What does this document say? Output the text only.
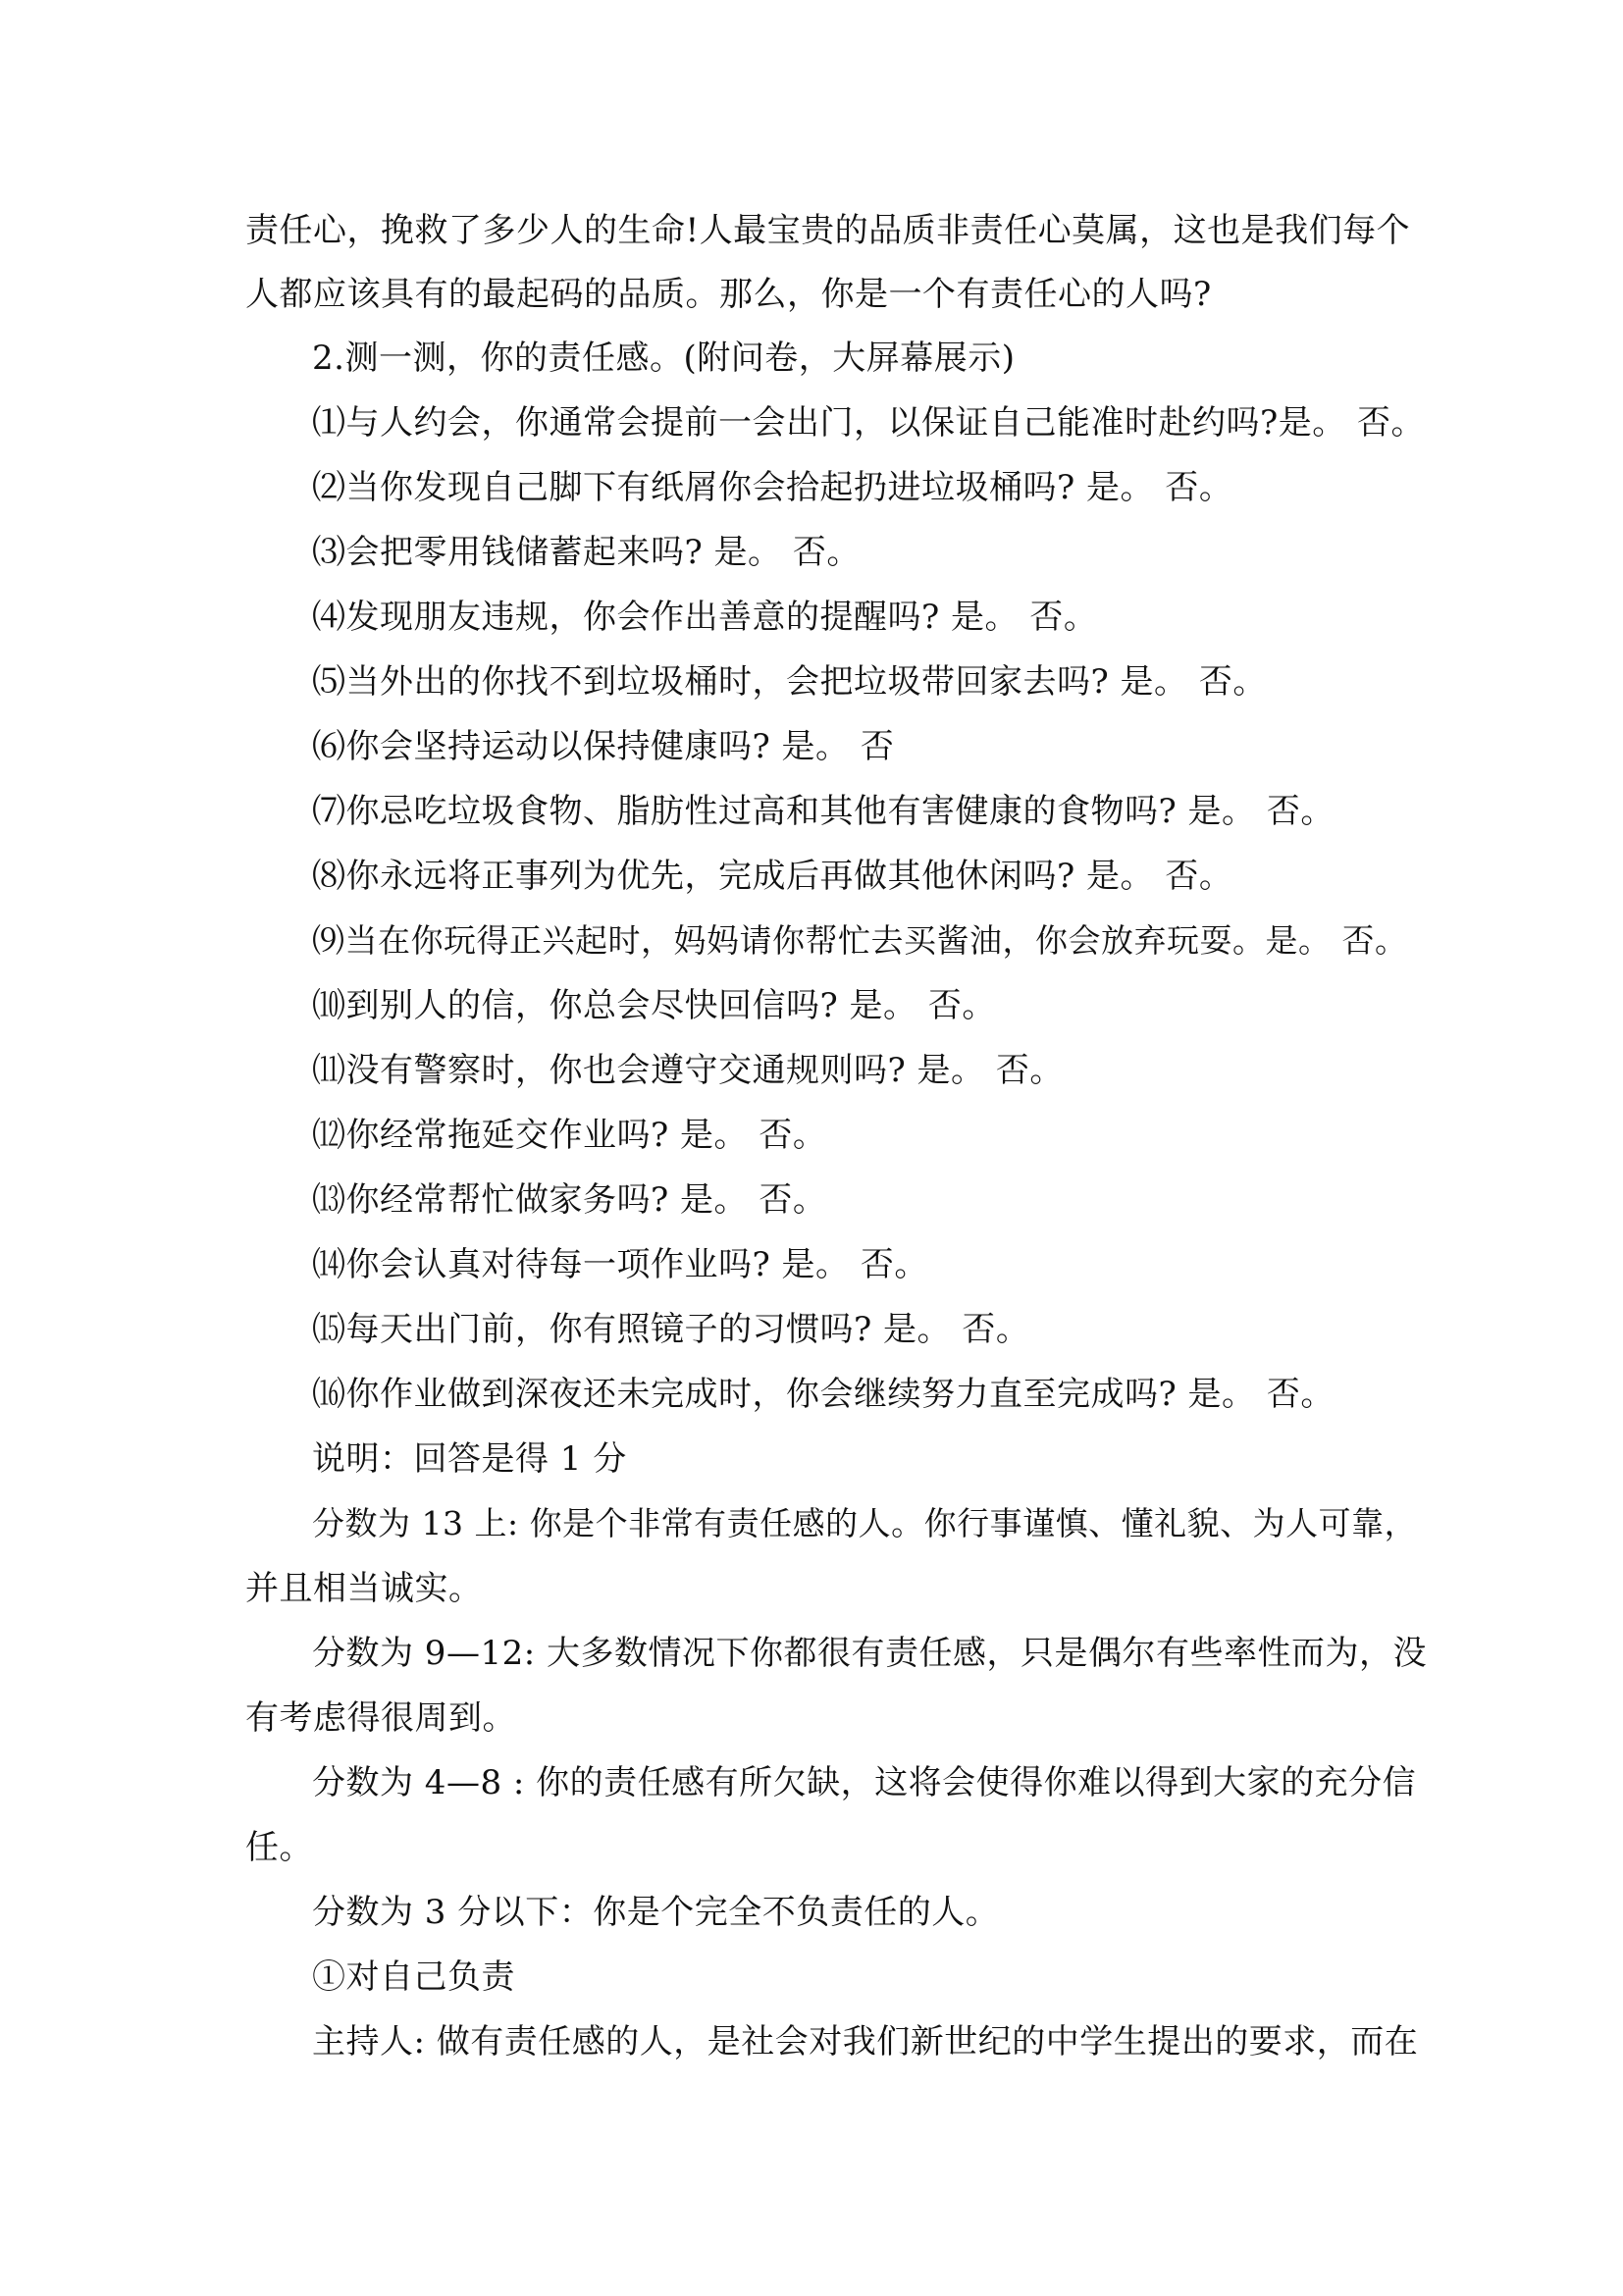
责任心，挽救了多少人的生命!人最宝贵的品质非责任心莫属，这也是我们每个
人都应该具有的最起码的品质。那么，你是一个有责任心的人吗?
2.测一测，你的责任感。(附问卷，大屏幕展示)
⑴与人约会，你通常会提前一会出门，以保证自己能准时赴约吗?是。 否。
⑵当你发现自己脚下有纸屑你会拾起扔进垃圾桶吗? 是。 否。
⑶会把零用钱储蓄起来吗? 是。 否。
⑷发现朋友违规，你会作出善意的提醒吗? 是。 否。
⑸当外出的你找不到垃圾桶时，会把垃圾带回家去吗? 是。 否。
⑹你会坚持运动以保持健康吗? 是。 否
⑺你忌吃垃圾食物、脂肪性过高和其他有害健康的食物吗? 是。 否。
⑻你永远将正事列为优先，完成后再做其他休闲吗? 是。 否。
⑼当在你玩得正兴起时，妈妈请你帮忙去买酱油，你会放弃玩耍。是。 否。
⑽到别人的信，你总会尽快回信吗? 是。 否。
⑾没有警察时，你也会遵守交通规则吗? 是。 否。
⑿你经常拖延交作业吗? 是。 否。
⒀你经常帮忙做家务吗? 是。 否。
⒁你会认真对待每一项作业吗? 是。 否。
⒂每天出门前，你有照镜子的习惯吗? 是。 否。
⒃你作业做到深夜还未完成时，你会继续努力直至完成吗? 是。 否。
说明：回答是得 1 分
分数为 13 上: 你是个非常有责任感的人。你行事谨慎、懂礼貌、为人可靠，
并且相当诚实。
分数为 9—12: 大多数情况下你都很有责任感，只是偶尔有些率性而为，没
有考虑得很周到。
分数为 4—8 : 你的责任感有所欠缺，这将会使得你难以得到大家的充分信
任。
分数为 3 分以下：你是个完全不负责任的人。
①对自己负责
主持人: 做有责任感的人，是社会对我们新世纪的中学生提出的要求，而在
